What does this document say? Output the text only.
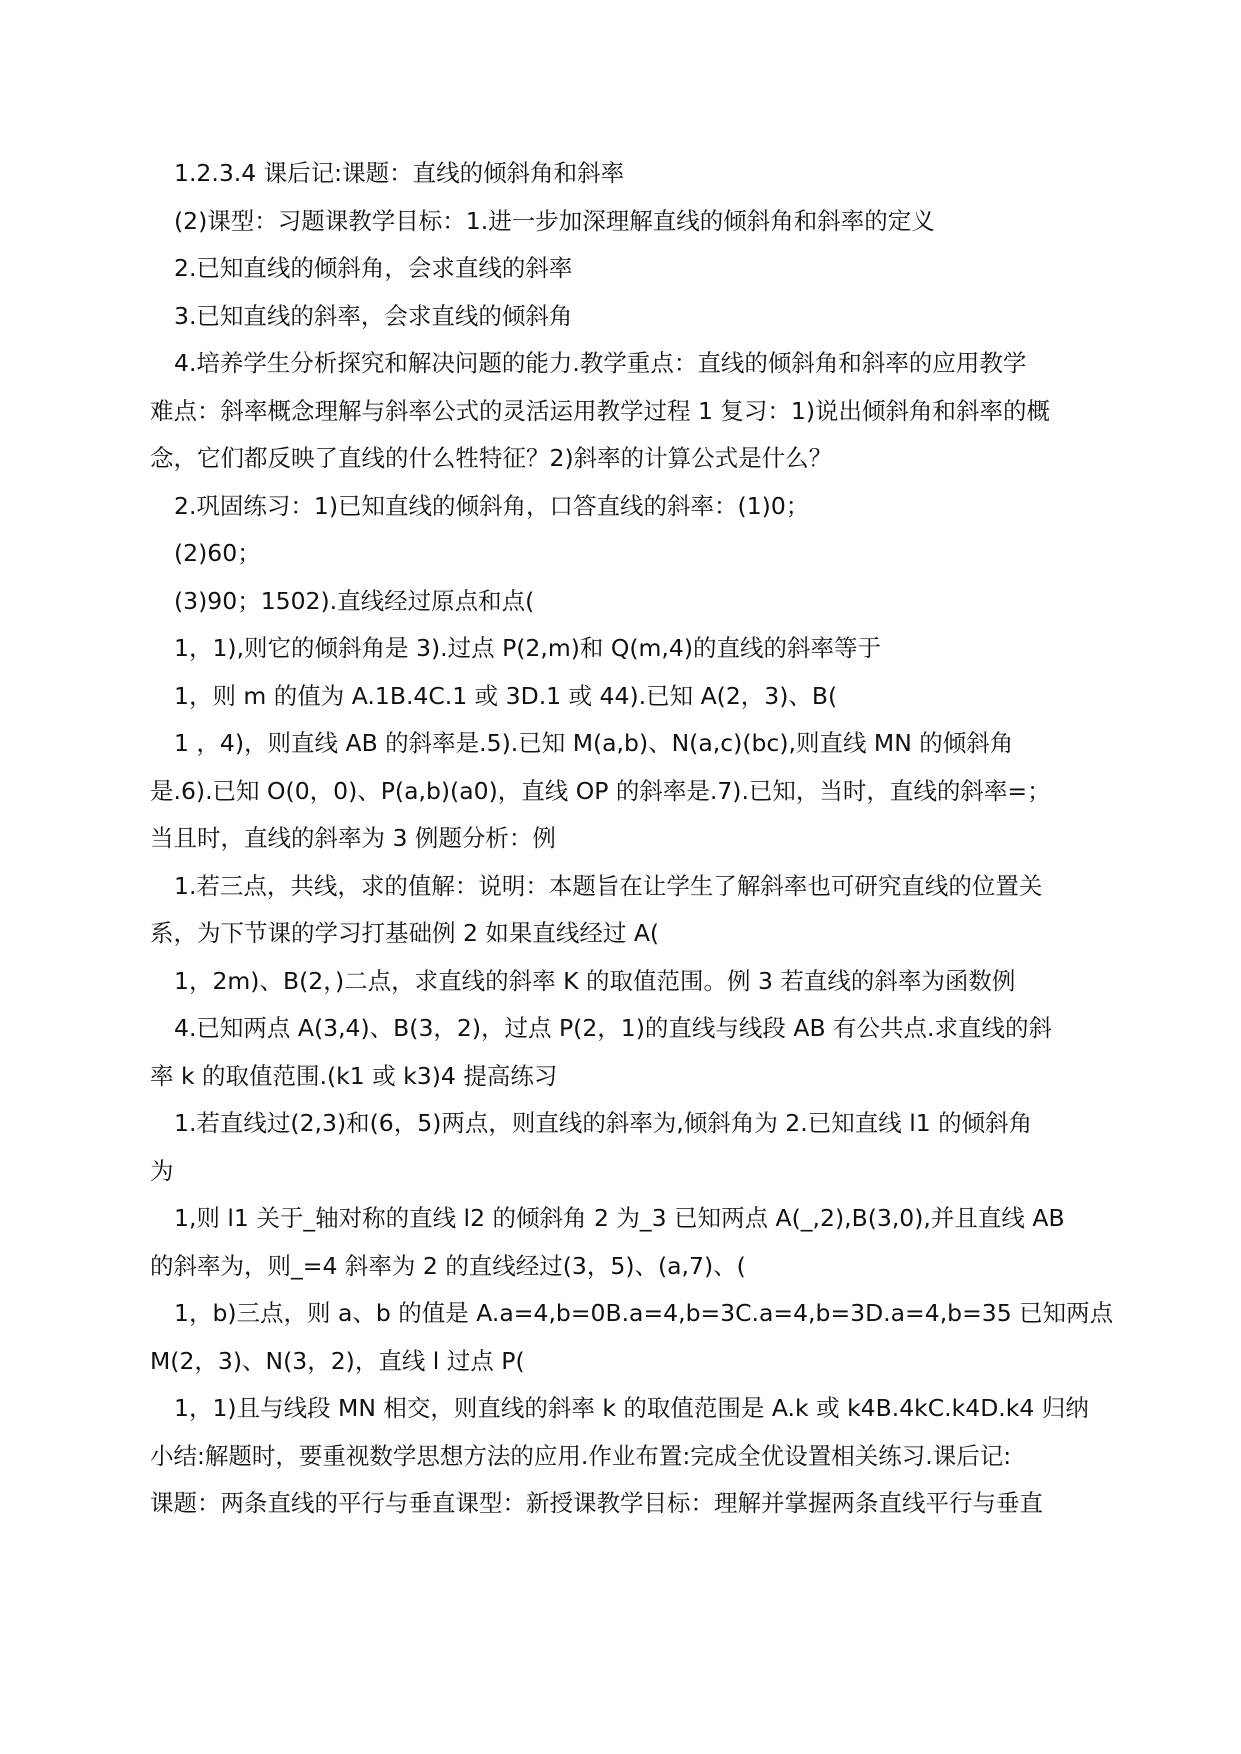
1.2.3.4 课后记:课题：直线的倾斜角和斜率
(2)课型：习题课教学目标：1.进一步加深理解直线的倾斜角和斜率的定义
2.已知直线的倾斜角，会求直线的斜率
3.已知直线的斜率，会求直线的倾斜角
4.培养学生分析探究和解决问题的能力.教学重点：直线的倾斜角和斜率的应用教学
难点：斜率概念理解与斜率公式的灵活运用教学过程 1 复习：1)说出倾斜角和斜率的概
念，它们都反映了直线的什么牲特征？2)斜率的计算公式是什么？
2.巩固练习：1)已知直线的倾斜角，口答直线的斜率：(1)0；
(2)60；
(3)90；1502).直线经过原点和点(
1，1),则它的倾斜角是 3).过点 P(2,m)和 Q(m,4)的直线的斜率等于
1，则 m 的值为 A.1B.4C.1 或 3D.1 或 44).已知 A(2，3)、B(
1 ，4)，则直线 AB 的斜率是.5).已知 M(a,b)、N(a,c)(bc),则直线 MN 的倾斜角
是.6).已知 O(0，0)、P(a,b)(a0)，直线 OP 的斜率是.7).已知，当时，直线的斜率=；
当且时，直线的斜率为 3 例题分析：例
1.若三点，共线，求的值解：说明：本题旨在让学生了解斜率也可研究直线的位置关
系，为下节课的学习打基础例 2 如果直线经过 A(
1，2m)、B(2，)二点，求直线的斜率 K 的取值范围。例 3 若直线的斜率为函数例
4.已知两点 A(3,4)、B(3，2)，过点 P(2，1)的直线与线段 AB 有公共点.求直线的斜
率 k 的取值范围.(k1 或 k3)4 提高练习
1.若直线过(2,3)和(6，5)两点，则直线的斜率为,倾斜角为 2.已知直线 l1 的倾斜角
为
1,则 l1 关于_轴对称的直线 l2 的倾斜角 2 为_3 已知两点 A(_,2),B(3,0),并且直线 AB
的斜率为，则_=4 斜率为 2 的直线经过(3，5)、(a,7)、(
1，b)三点，则 a、b 的值是 A.a=4,b=0B.a=4,b=3C.a=4,b=3D.a=4,b=35 已知两点
M(2，3)、N(3，2)，直线 l 过点 P(
1，1)且与线段 MN 相交，则直线的斜率 k 的取值范围是 A.k 或 k4B.4kC.k4D.k4 归纳
小结:解题时，要重视数学思想方法的应用.作业布置:完成全优设置相关练习.课后记:
课题：两条直线的平行与垂直课型：新授课教学目标：理解并掌握两条直线平行与垂直
